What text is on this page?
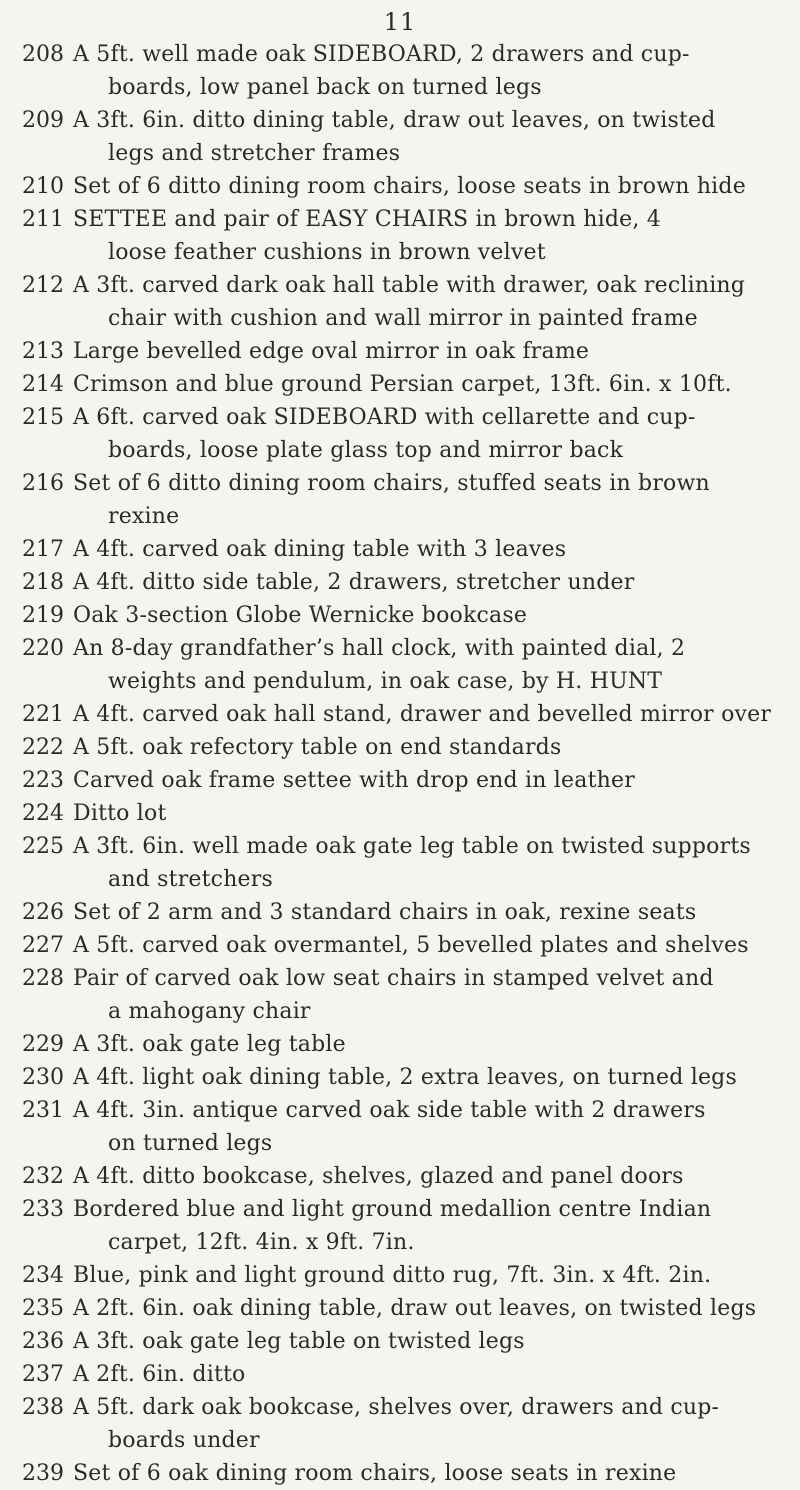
11
208 A 5ft. well made oak SIDEBOARD, 2 drawers and cup-
boards, low panel back on turned legs
209 A 3ft. 6in. ditto dining table, draw out leaves, on twisted
legs and stretcher frames
210 Set of 6 ditto dining room chairs, loose seats in brown hide
211 SETTEE and pair of EASY CHAIRS in brown hide, 4
loose feather cushions in brown velvet
212 A 3ft. carved dark oak hall table with drawer, oak reclining
chair with cushion and wall mirror in painted frame
213 Large bevelled edge oval mirror in oak frame
214 Crimson and blue ground Persian carpet, 13ft. 6in. x 10ft.
215 A 6ft. carved oak SIDEBOARD with cellarette and cup-
boards, loose plate glass top and mirror back
216 Set of 6 ditto dining room chairs, stuffed seats in brown
rexine
217 A 4ft. carved oak dining table with 3 leaves
218 A 4ft. ditto side table, 2 drawers, stretcher under
219 Oak 3-section Globe Wernicke bookcase
220 An 8-day grandfather’s hall clock, with painted dial, 2
weights and pendulum, in oak case, by H. HUNT
221 A 4ft. carved oak hall stand, drawer and bevelled mirror over
222 A 5ft. oak refectory table on end standards
223 Carved oak frame settee with drop end in leather
224 Ditto lot
225 A 3ft. 6in. well made oak gate leg table on twisted supports
and stretchers
226 Set of 2 arm and 3 standard chairs in oak, rexine seats
227 A 5ft. carved oak overmantel, 5 bevelled plates and shelves
228 Pair of carved oak low seat chairs in stamped velvet and
a mahogany chair
229 A 3ft. oak gate leg table
230 A 4ft. light oak dining table, 2 extra leaves, on turned legs
231 A 4ft. 3in. antique carved oak side table with 2 drawers
on turned legs
232 A 4ft. ditto bookcase, shelves, glazed and panel doors
233 Bordered blue and light ground medallion centre Indian
carpet, 12ft. 4in. x 9ft. 7in.
234 Blue, pink and light ground ditto rug, 7ft. 3in. x 4ft. 2in.
235 A 2ft. 6in. oak dining table, draw out leaves, on twisted legs
236 A 3ft. oak gate leg table on twisted legs
237 A 2ft. 6in. ditto
238 A 5ft. dark oak bookcase, shelves over, drawers and cup-
boards under
239 Set of 6 oak dining room chairs, loose seats in rexine
